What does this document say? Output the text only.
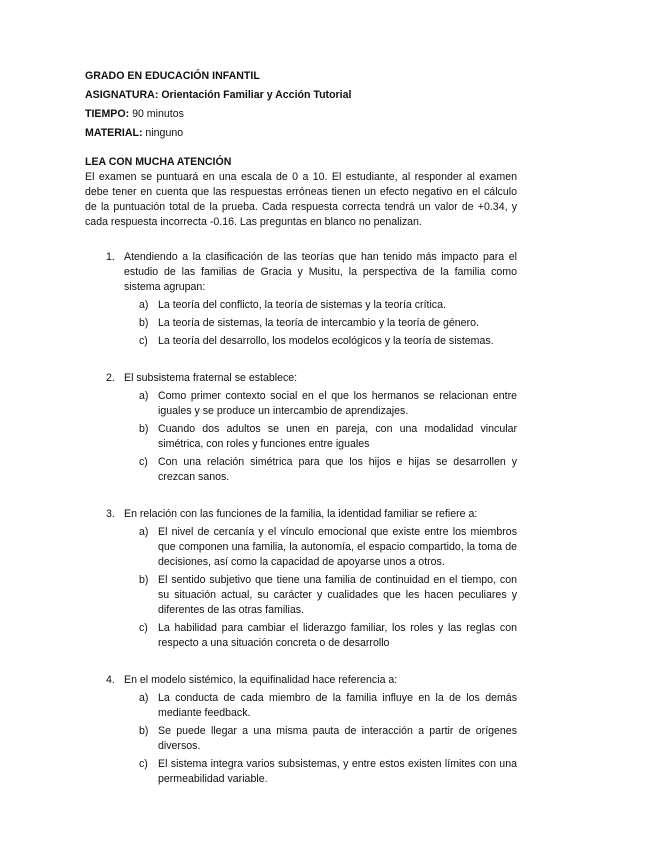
GRADO EN EDUCACIÓN INFANTIL

ASIGNATURA: Orientación Familiar y Acción Tutorial

TIEMPO: 90 minutos

MATERIAL: ninguno

LEA CON MUCHA ATENCIÓN

El examen se puntuará en una escala de 0 a 10. El estudiante, al responder al examen debe tener en cuenta que las respuestas erróneas tienen un efecto negativo en el cálculo de la puntuación total de la prueba. Cada respuesta correcta tendrá un valor de +0.34, y cada respuesta incorrecta -0.16. Las preguntas en blanco no penalizan.

1. Atendiendo a la clasificación de las teorías que han tenido más impacto para el estudio de las familias de Gracia y Musitu, la perspectiva de la familia como sistema agrupan:
a) La teoría del conflicto, la teoría de sistemas y la teoría crítica.
b) La teoría de sistemas, la teoría de intercambio y la teoría de género.
c) La teoría del desarrollo, los modelos ecológicos y la teoría de sistemas.
2. El subsistema fraternal se establece:
a) Como primer contexto social en el que los hermanos se relacionan entre iguales y se produce un intercambio de aprendizajes.
b) Cuando dos adultos se unen en pareja, con una modalidad vincular simétrica, con roles y funciones entre iguales
c) Con una relación simétrica para que los hijos e hijas se desarrollen y crezcan sanos.
3. En relación con las funciones de la familia, la identidad familiar se refiere a:
a) El nivel de cercanía y el vínculo emocional que existe entre los miembros que componen una familia, la autonomía, el espacio compartido, la toma de decisiones, así como la capacidad de apoyarse unos a otros.
b) El sentido subjetivo que tiene una familia de continuidad en el tiempo, con su situación actual, su carácter y cualidades que les hacen peculiares y diferentes de las otras familias.
c) La habilidad para cambiar el liderazgo familiar, los roles y las reglas con respecto a una situación concreta o de desarrollo
4. En el modelo sistémico, la equifinalidad hace referencia a:
a) La conducta de cada miembro de la familia influye en la de los demás mediante feedback.
b) Se puede llegar a una misma pauta de interacción a partir de orígenes diversos.
c) El sistema integra varios subsistemas, y entre estos existen límites con una permeabilidad variable.
